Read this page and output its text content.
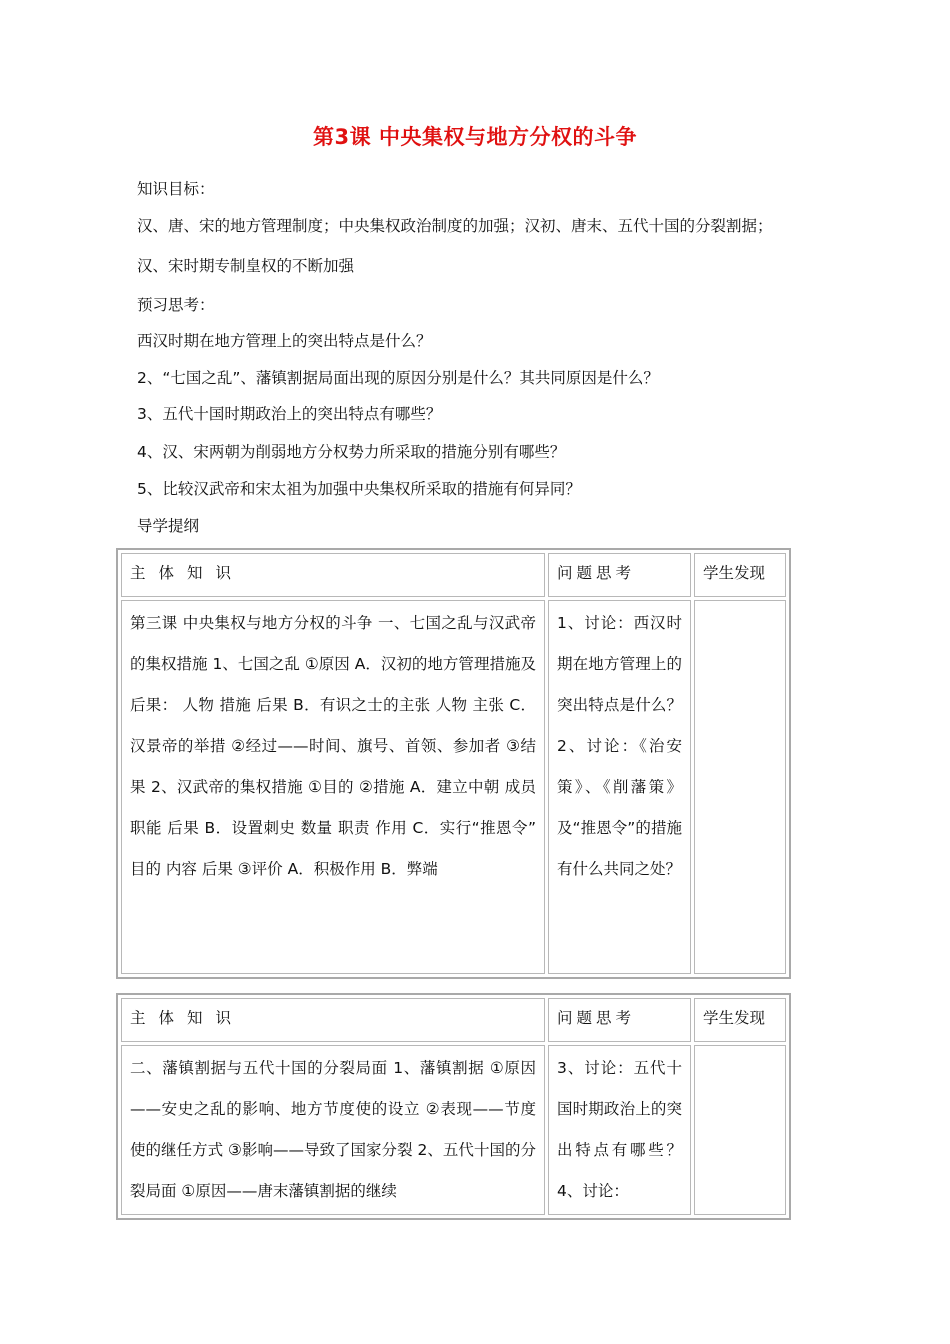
第3课 中央集权与地方分权的斗争
知识目标：
汉、唐、宋的地方管理制度；中央集权政治制度的加强；汉初、唐末、五代十国的分裂割据；
汉、宋时期专制皇权的不断加强
预习思考：
西汉时期在地方管理上的突出特点是什么？
2、“七国之乱”、藩镇割据局面出现的原因分别是什么？其共同原因是什么？
3、五代十国时期政治上的突出特点有哪些？
4、汉、宋两朝为削弱地方分权势力所采取的措施分别有哪些？
5、比较汉武帝和宋太祖为加强中央集权所采取的措施有何异同？
导学提纲
主体知识	问题思考	学生发现
第三课 中央集权与地方分权的斗争 一、七国之乱与汉武帝的集权措施 1、七国之乱 ①原因 A．汉初的地方管理措施及后果： 人物 措施 后果 B．有识之士的主张 人物 主张 C．汉景帝的举措 ②经过——时间、旗号、首领、参加者 ③结果 2、汉武帝的集权措施 ①目的 ②措施 A．建立中朝 成员 职能 后果 B．设置刺史 数量 职责 作用 C．实行“推恩令” 目的 内容 后果 ③评价 A．积极作用 B．弊端	1、讨论：西汉时期在地方管理上的突出特点是什么？ 2、讨论：《治安策》、《削藩策》及“推恩令”的措施有什么共同之处？	
主体知识	问题思考	学生发现
二、藩镇割据与五代十国的分裂局面 1、藩镇割据 ①原因——安史之乱的影响、地方节度使的设立 ②表现——节度使的继任方式 ③影响——导致了国家分裂 2、五代十国的分裂局面 ①原因——唐末藩镇割据的继续	3、讨论：五代十国时期政治上的突出特点有哪些？ 4、讨论：	
